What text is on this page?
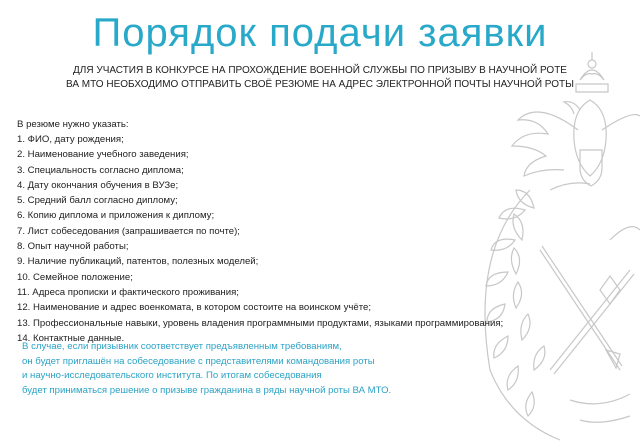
Порядок подачи заявки
ДЛЯ УЧАСТИЯ В КОНКУРСЕ НА ПРОХОЖДЕНИЕ ВОЕННОЙ СЛУЖБЫ ПО ПРИЗЫВУ В НАУЧНОЙ РОТЕ
ВА МТО НЕОБХОДИМО ОТПРАВИТЬ СВОЁ РЕЗЮМЕ НА АДРЕС ЭЛЕКТРОННОЙ ПОЧТЫ НАУЧНОЙ РОТЫ
В резюме нужно указать:
1. ФИО, дату рождения;
2. Наименование учебного заведения;
3. Специальность согласно диплома;
4. Дату окончания обучения в ВУЗе;
5. Средний балл согласно диплому;
6. Копию диплома и приложения к диплому;
7. Лист собеседования (запрашивается по почте);
8. Опыт научной работы;
9. Наличие публикаций, патентов, полезных моделей;
10. Семейное положение;
11. Адреса прописки и фактического проживания;
12. Наименование и адрес военкомата, в котором состоите на воинском учёте;
13. Профессиональные навыки, уровень владения программными продуктами, языками программирования;
14. Контактные данные.
В случае, если призывник соответствует предъявленным требованиям,
он будет приглашён на собеседование с представителями командования роты
и научно-исследовательского института. По итогам собеседования
будет приниматься решение о призыве гражданина в ряды научной роты ВА МТО.
